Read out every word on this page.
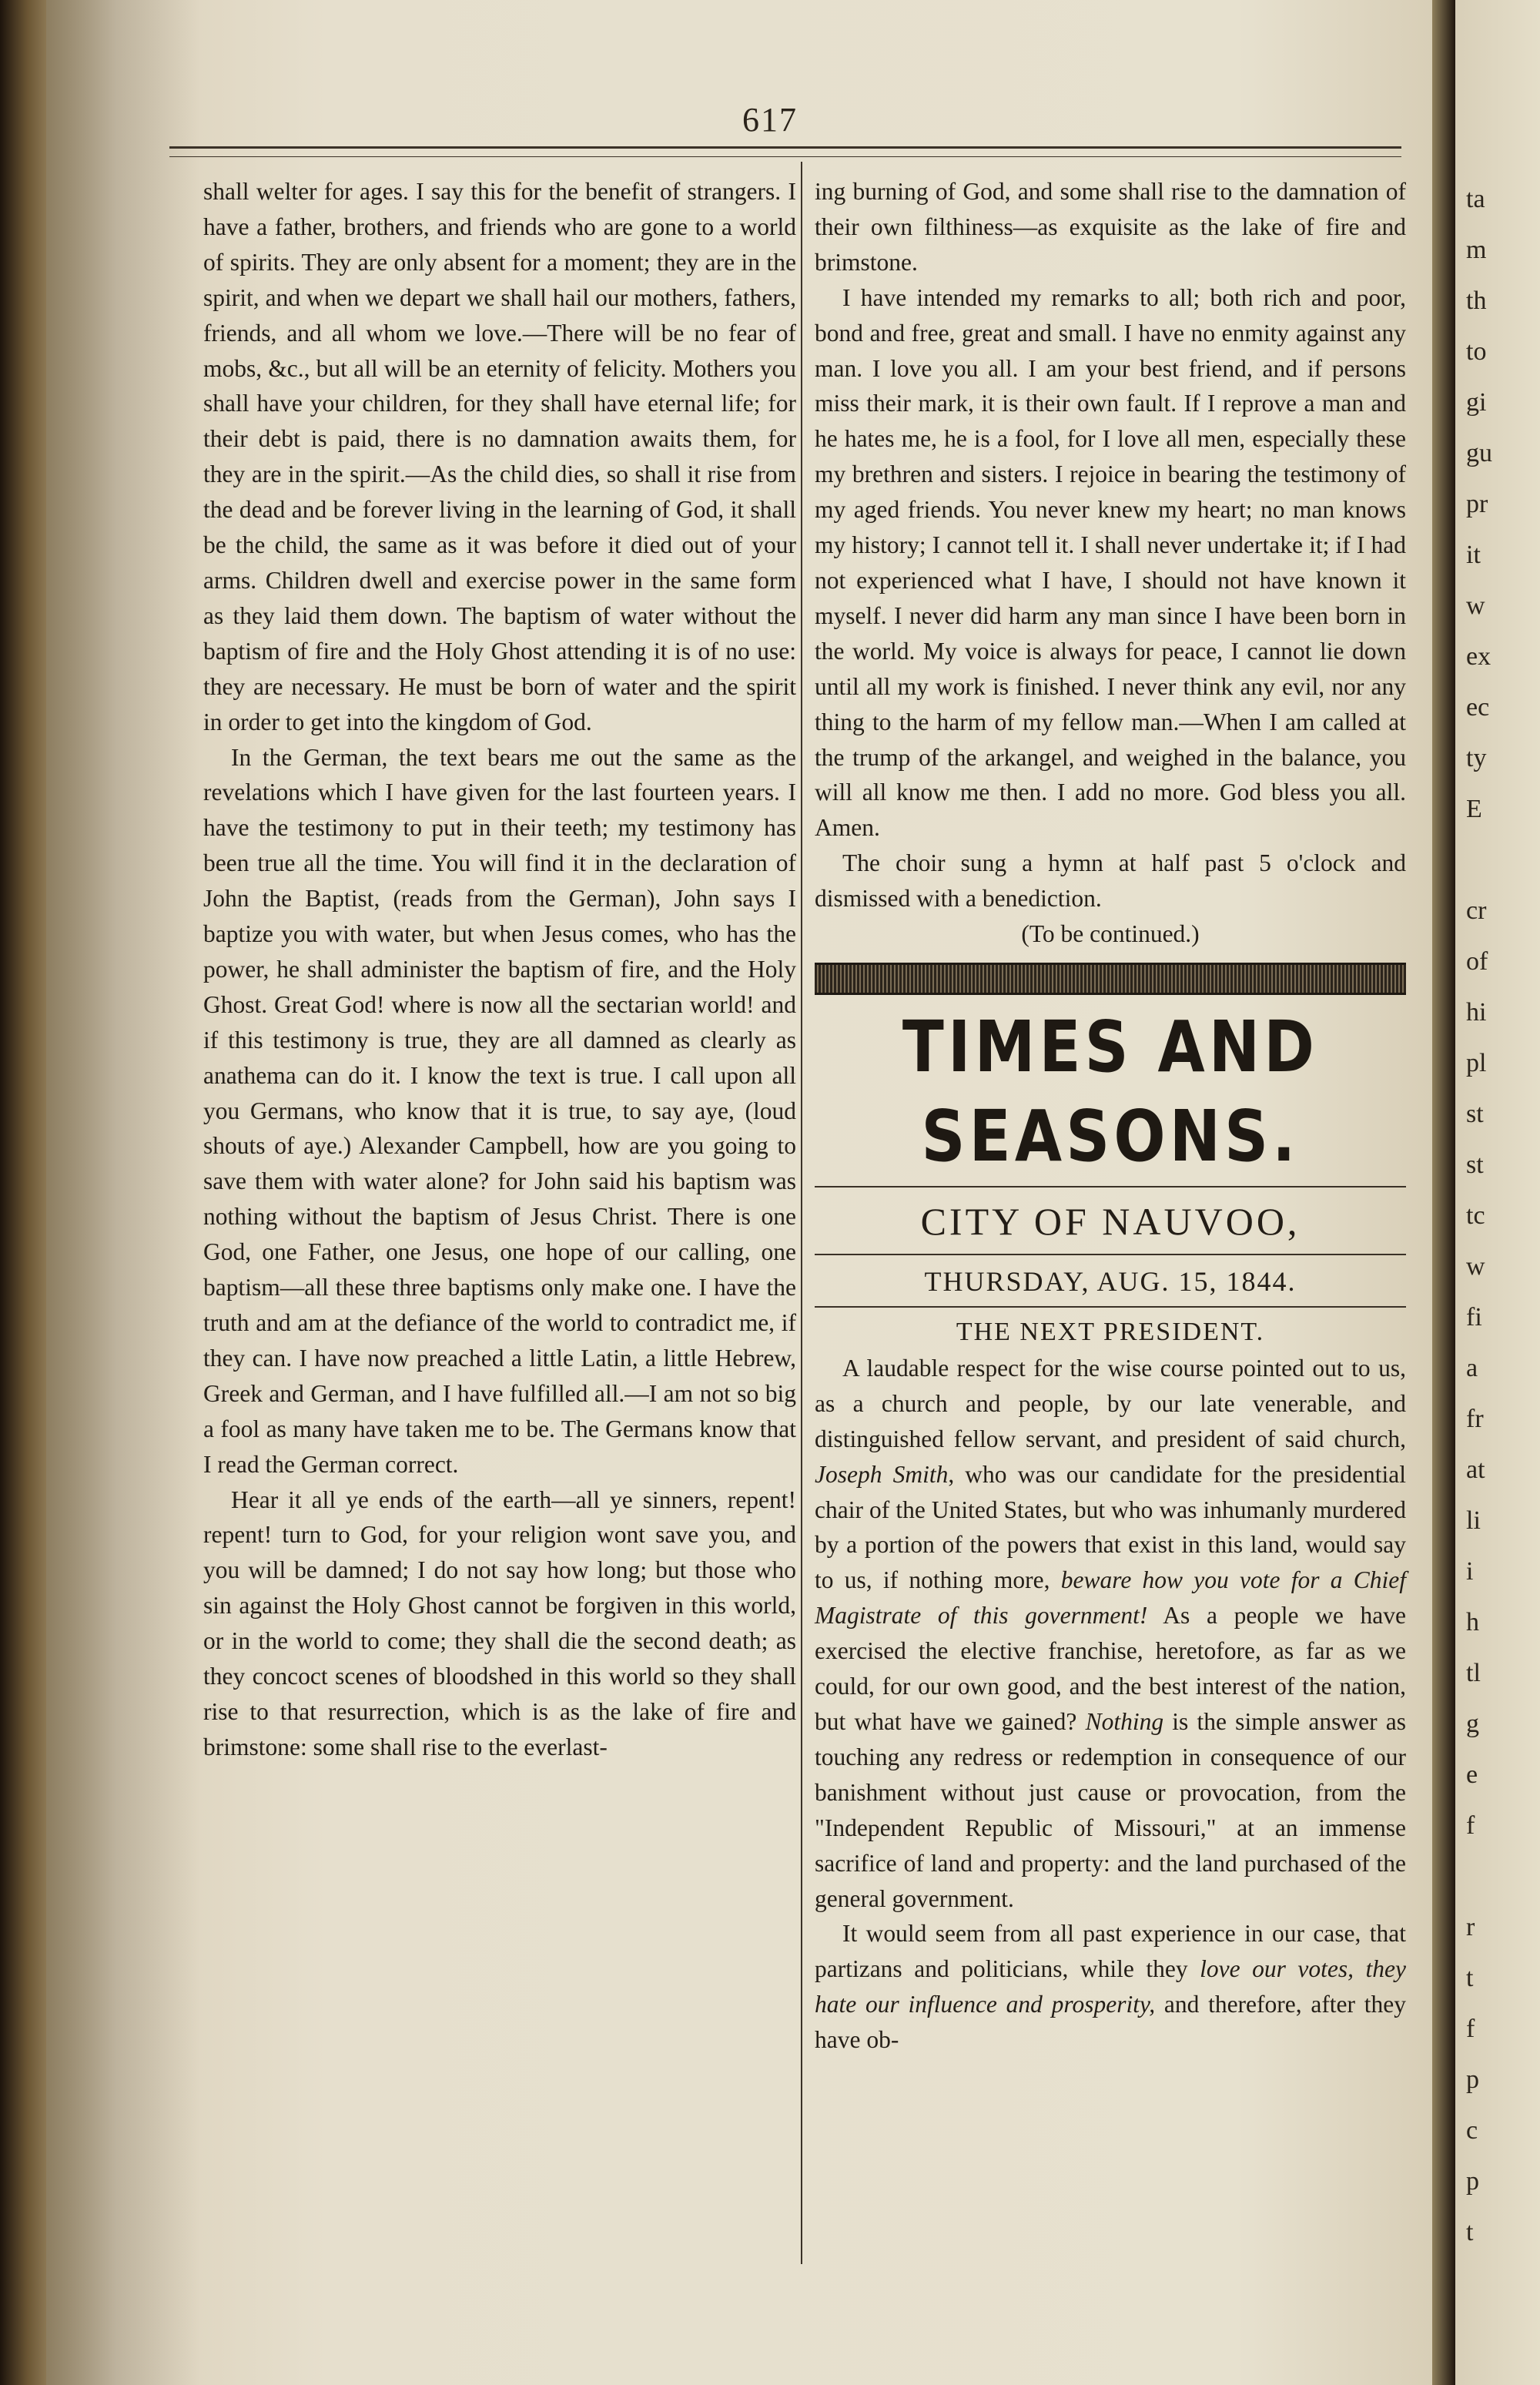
ta
m
th
to
gi
gu
pr
it
w
ex
ec
ty
E
cr
of
hi
pl
st
st
tc
w
fi
a
fr
at
li
i
h
tl
g
e
f
r
t
f
p
c
p
t
617

shall welter for ages. I say this for the benefit of strangers. I have a father, brothers, and friends who are gone to a world of spirits. They are only absent for a moment; they are in the spirit, and when we depart we shall hail our mothers, fathers, friends, and all whom we love.—There will be no fear of mobs, &c., but all will be an eternity of felicity. Mothers you shall have your children, for they shall have eternal life; for their debt is paid, there is no damnation awaits them, for they are in the spirit.—As the child dies, so shall it rise from the dead and be forever living in the learning of God, it shall be the child, the same as it was before it died out of your arms. Children dwell and exercise power in the same form as they laid them down. The baptism of water without the baptism of fire and the Holy Ghost attending it is of no use: they are necessary. He must be born of water and the spirit in order to get into the kingdom of God.

In the German, the text bears me out the same as the revelations which I have given for the last fourteen years. I have the testimony to put in their teeth; my testimony has been true all the time. You will find it in the declaration of John the Baptist, (reads from the German), John says I baptize you with water, but when Jesus comes, who has the power, he shall administer the baptism of fire, and the Holy Ghost. Great God! where is now all the sectarian world! and if this testimony is true, they are all damned as clearly as anathema can do it. I know the text is true. I call upon all you Germans, who know that it is true, to say aye, (loud shouts of aye.) Alexander Campbell, how are you going to save them with water alone? for John said his baptism was nothing without the baptism of Jesus Christ. There is one God, one Father, one Jesus, one hope of our calling, one baptism—all these three baptisms only make one. I have the truth and am at the defiance of the world to contradict me, if they can. I have now preached a little Latin, a little Hebrew, Greek and German, and I have fulfilled all.—I am not so big a fool as many have taken me to be. The Germans know that I read the German correct.

Hear it all ye ends of the earth—all ye sinners, repent! repent! turn to God, for your religion wont save you, and you will be damned; I do not say how long; but those who sin against the Holy Ghost cannot be forgiven in this world, or in the world to come; they shall die the second death; as they concoct scenes of bloodshed in this world so they shall rise to that resurrection, which is as the lake of fire and brimstone: some shall rise to the everlast-

ing burning of God, and some shall rise to the damnation of their own filthiness—as exquisite as the lake of fire and brimstone.

I have intended my remarks to all; both rich and poor, bond and free, great and small. I have no enmity against any man. I love you all. I am your best friend, and if persons miss their mark, it is their own fault. If I reprove a man and he hates me, he is a fool, for I love all men, especially these my brethren and sisters. I rejoice in bearing the testimony of my aged friends. You never knew my heart; no man knows my history; I cannot tell it. I shall never undertake it; if I had not experienced what I have, I should not have known it myself. I never did harm any man since I have been born in the world. My voice is always for peace, I cannot lie down until all my work is finished. I never think any evil, nor any thing to the harm of my fellow man.—When I am called at the trump of the arkangel, and weighed in the balance, you will all know me then. I add no more. God bless you all. Amen.

The choir sung a hymn at half past 5 o'clock and dismissed with a benediction.

(To be continued.)

TIMES AND SEASONS.
CITY OF NAUVOO,
THURSDAY, AUG. 15, 1844.
THE NEXT PRESIDENT.

A laudable respect for the wise course pointed out to us, as a church and people, by our late venerable, and distinguished fellow servant, and president of said church, Joseph Smith, who was our candidate for the presidential chair of the United States, but who was inhumanly murdered by a portion of the powers that exist in this land, would say to us, if nothing more, beware how you vote for a Chief Magistrate of this government! As a people we have exercised the elective franchise, heretofore, as far as we could, for our own good, and the best interest of the nation, but what have we gained? Nothing is the simple answer as touching any redress or redemption in consequence of our banishment without just cause or provocation, from the "Independent Republic of Missouri," at an immense sacrifice of land and property: and the land purchased of the general government.

It would seem from all past experience in our case, that partizans and politicians, while they love our votes, they hate our influence and prosperity, and therefore, after they have ob-
